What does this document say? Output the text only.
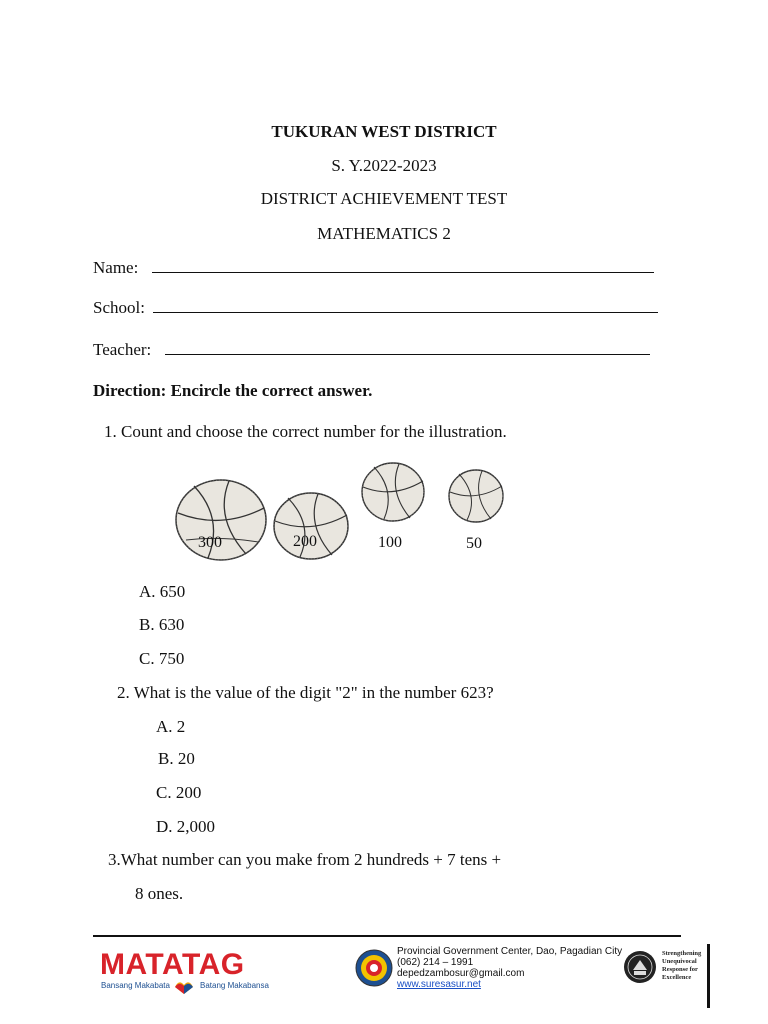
TUKURAN WEST DISTRICT
S. Y.2022-2023
DISTRICT ACHIEVEMENT TEST
MATHEMATICS 2
Name:
School:
Teacher:
Direction: Encircle the correct answer.
1. Count and choose the correct number for the illustration.
300	200	100	50
A. 650
B. 630
C. 750
2. What is the value of the digit "2" in the number 623?
A. 2
B. 20
C. 200
D. 2,000
3.What number can you make from 2 hundreds + 7 tens +
8 ones.
MATATAG
Bansang Makabata	Batang Makabansa
Provincial Government Center, Dao, Pagadian City
(062) 214 – 1991
depedzambosur@gmail.com
www.suresasur.net
Strengthening
Unequivocal
Response for
Excellence
